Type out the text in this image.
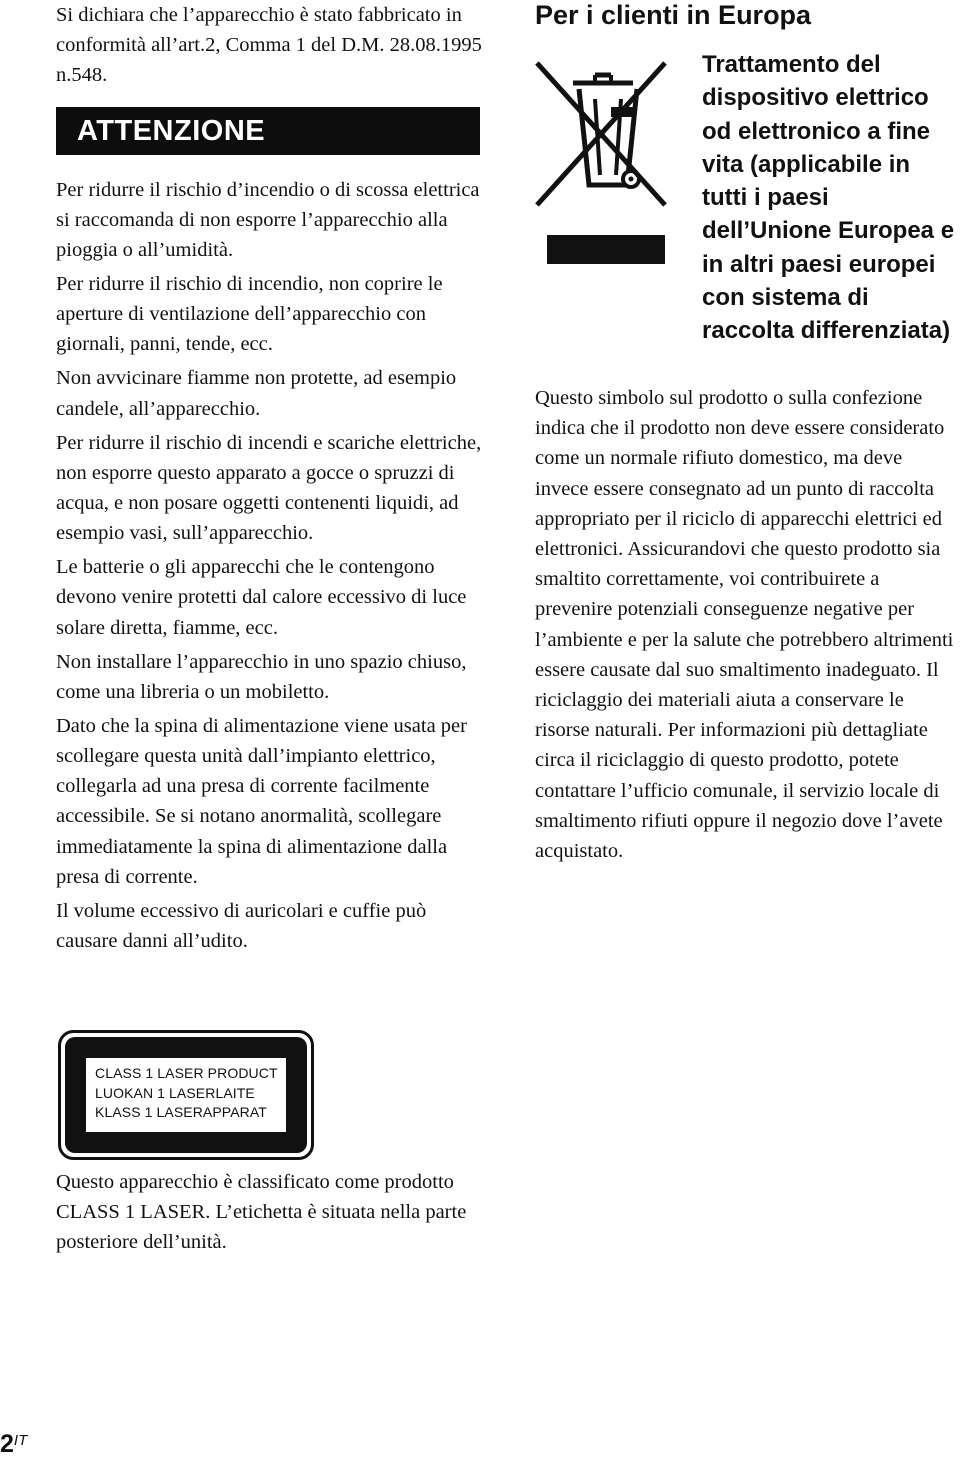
Si dichiara che l’apparecchio è stato fabbricato in conformità all’art.2, Comma 1 del D.M. 28.08.1995 n.548.

ATTENZIONE

Per ridurre il rischio d’incendio o di scossa elettrica si raccomanda di non esporre l’apparecchio alla pioggia o all’umidità.

Per ridurre il rischio di incendio, non coprire le aperture di ventilazione dell’apparecchio con giornali, panni, tende, ecc.

Non avvicinare fiamme non protette, ad esempio candele, all’apparecchio.

Per ridurre il rischio di incendi e scariche elettriche, non esporre questo apparato a gocce o spruzzi di acqua, e non posare oggetti contenenti liquidi, ad esempio vasi, sull’apparecchio.

Le batterie o gli apparecchi che le contengono devono venire protetti dal calore eccessivo di luce solare diretta, fiamme, ecc.

Non installare l’apparecchio in uno spazio chiuso, come una libreria o un mobiletto.

Dato che la spina di alimentazione viene usata per scollegare questa unità dall’impianto elettrico, collegarla ad una presa di corrente facilmente accessibile. Se si notano anormalità, scollegare immediatamente la spina di alimentazione dalla presa di corrente.

Il volume eccessivo di auricolari e cuffie può causare danni all’udito.

Per i clienti in Europa
Trattamento del dispositivo elettrico od elettronico a fine vita (applicabile in tutti i paesi dell’Unione Europea e in altri paesi europei con sistema di raccolta differenziata)
Questo simbolo sul prodotto o sulla confezione indica che il prodotto non deve essere considerato come un normale rifiuto domestico, ma deve invece essere consegnato ad un punto di raccolta appropriato per il riciclo di apparecchi elettrici ed elettronici. Assicurandovi che questo prodotto sia smaltito correttamente, voi contribuirete a prevenire potenziali conseguenze negative per l’ambiente e per la salute che potrebbero altrimenti essere causate dal suo smaltimento inadeguato. Il riciclaggio dei materiali aiuta a conservare le risorse naturali. Per informazioni più dettagliate circa il riciclaggio di questo prodotto, potete contattare l’ufficio comunale, il servizio locale di smaltimento rifiuti oppure il negozio dove l’avete acquistato.
CLASS 1 LASER PRODUCT
LUOKAN 1 LASERLAITE
KLASS 1 LASERAPPARAT
Questo apparecchio è classificato come prodotto CLASS 1 LASER. L’etichetta è situata nella parte posteriore dell’unità.
$2^{IT}$
